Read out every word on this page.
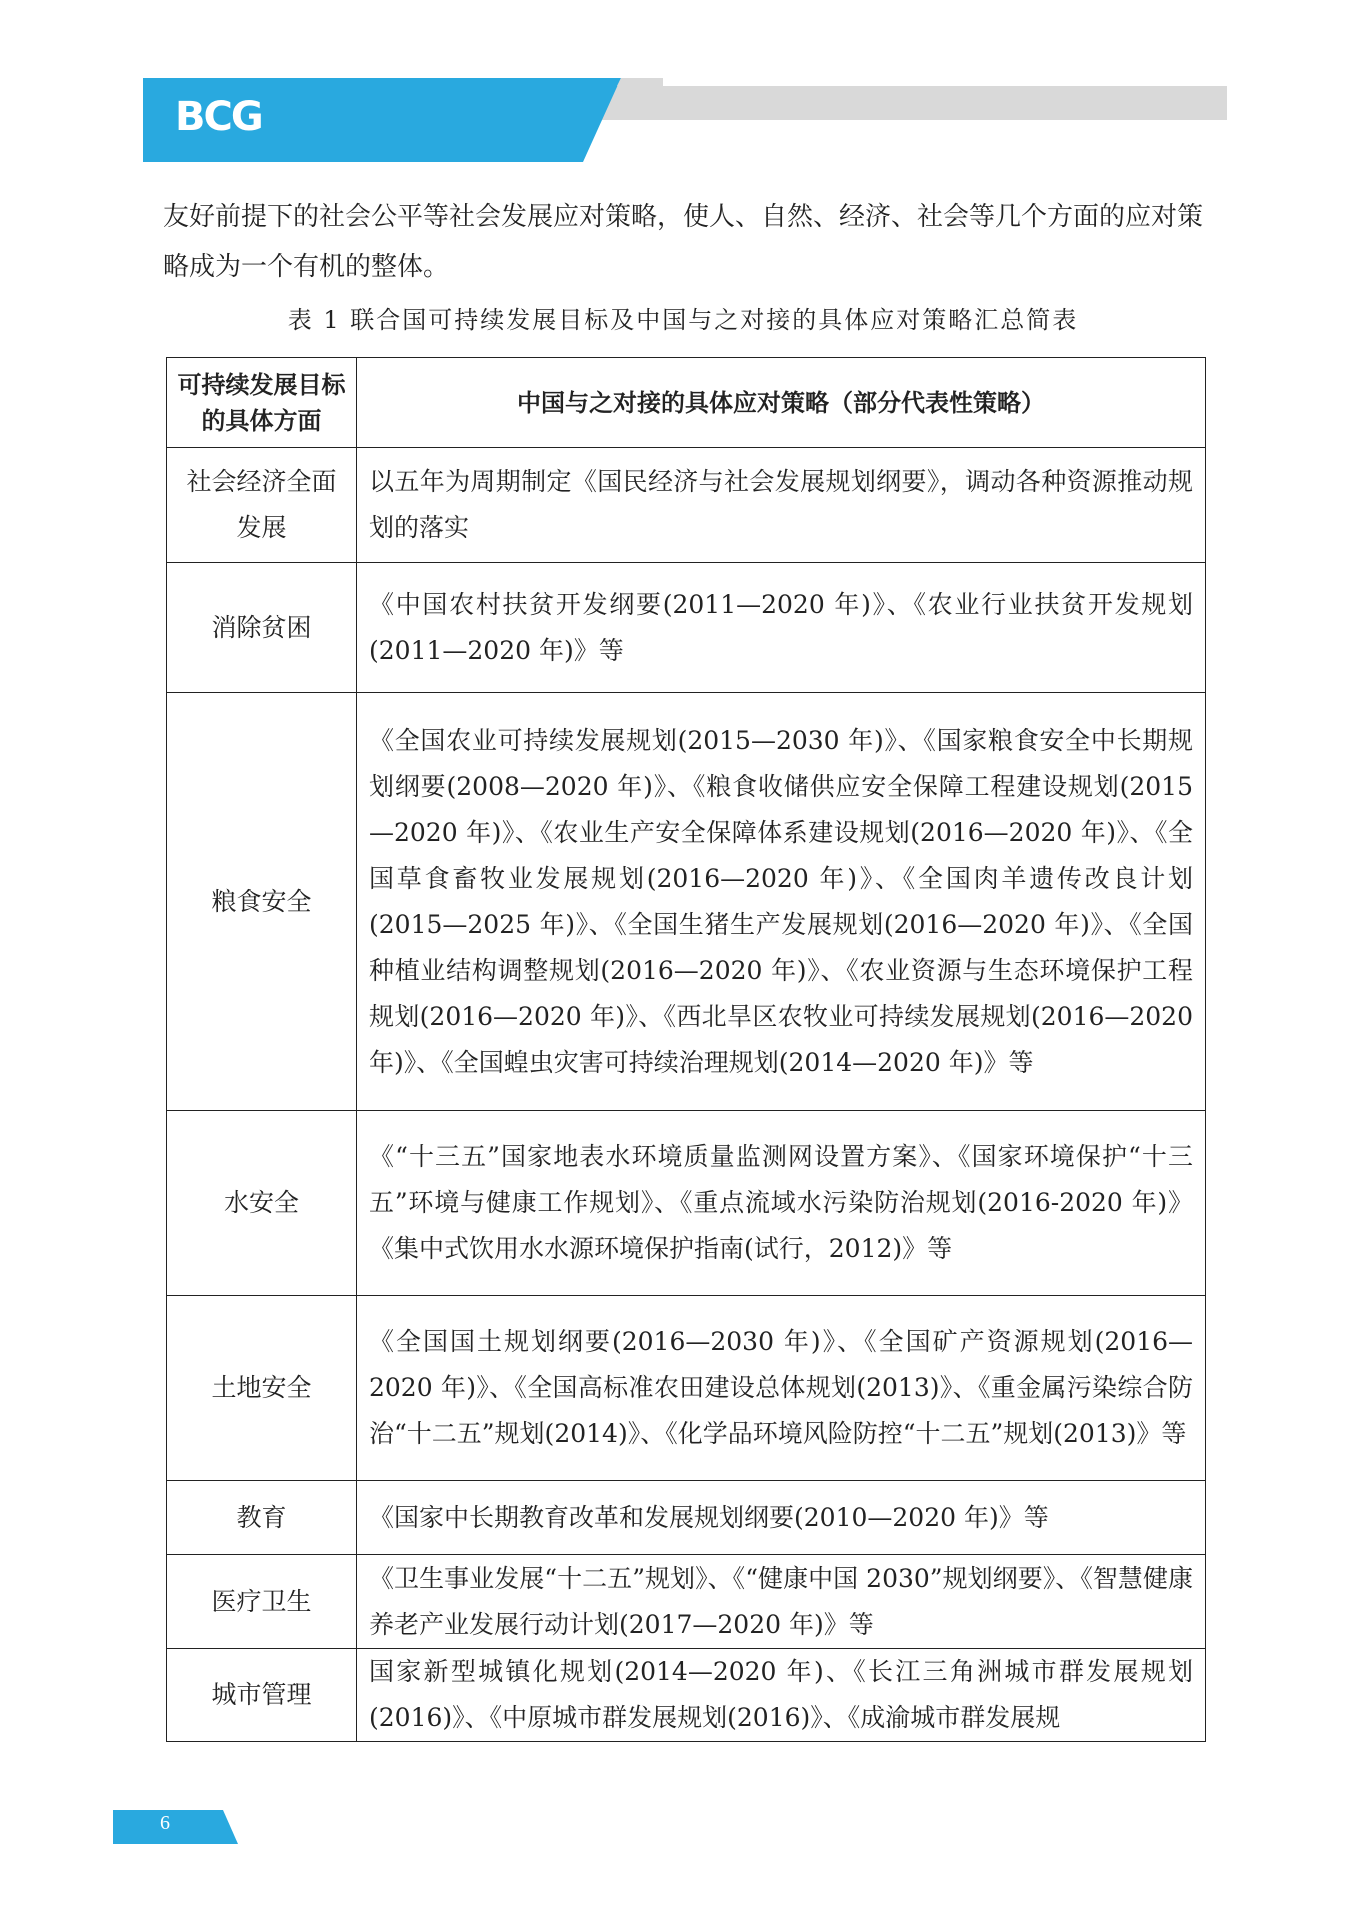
BCG
友好前提下的社会公平等社会发展应对策略，使人、自然、经济、社会等几个方面的应对策略成为一个有机的整体。
表 1 联合国可持续发展目标及中国与之对接的具体应对策略汇总简表
可持续发展目标的具体方面	中国与之对接的具体应对策略（部分代表性策略）
社会经济全面发展	以五年为周期制定《国民经济与社会发展规划纲要》，调动各种资源推动规划的落实
消除贫困	《中国农村扶贫开发纲要(2011—2020 年)》、《农业行业扶贫开发规划(2011—2020 年)》等
粮食安全	《全国农业可持续发展规划(2015—2030 年)》、《国家粮食安全中长期规划纲要(2008—2020 年)》、《粮食收储供应安全保障工程建设规划(2015—2020 年)》、《农业生产安全保障体系建设规划(2016—2020 年)》、《全国草食畜牧业发展规划(2016—2020 年)》、《全国肉羊遗传改良计划(2015—2025 年)》、《全国生猪生产发展规划(2016—2020 年)》、《全国种植业结构调整规划(2016—2020 年)》、《农业资源与生态环境保护工程规划(2016—2020 年)》、《西北旱区农牧业可持续发展规划(2016—2020 年)》、《全国蝗虫灾害可持续治理规划(2014—2020 年)》等
水安全	《“十三五”国家地表水环境质量监测网设置方案》、《国家环境保护“十三五”环境与健康工作规划》、《重点流域水污染防治规划(2016-2020 年)》《集中式饮用水水源环境保护指南(试行，2012)》等
土地安全	《全国国土规划纲要(2016—2030 年)》、《全国矿产资源规划(2016—2020 年)》、《全国高标准农田建设总体规划(2013)》、《重金属污染综合防治“十二五”规划(2014)》、《化学品环境风险防控“十二五”规划(2013)》等
教育	《国家中长期教育改革和发展规划纲要(2010—2020 年)》等
医疗卫生	《卫生事业发展“十二五”规划》、《“健康中国 2030”规划纲要》、《智慧健康养老产业发展行动计划(2017—2020 年)》等
城市管理	国家新型城镇化规划(2014—2020 年)、《长江三角洲城市群发展规划(2016)》、《中原城市群发展规划(2016)》、《成渝城市群发展规
6
